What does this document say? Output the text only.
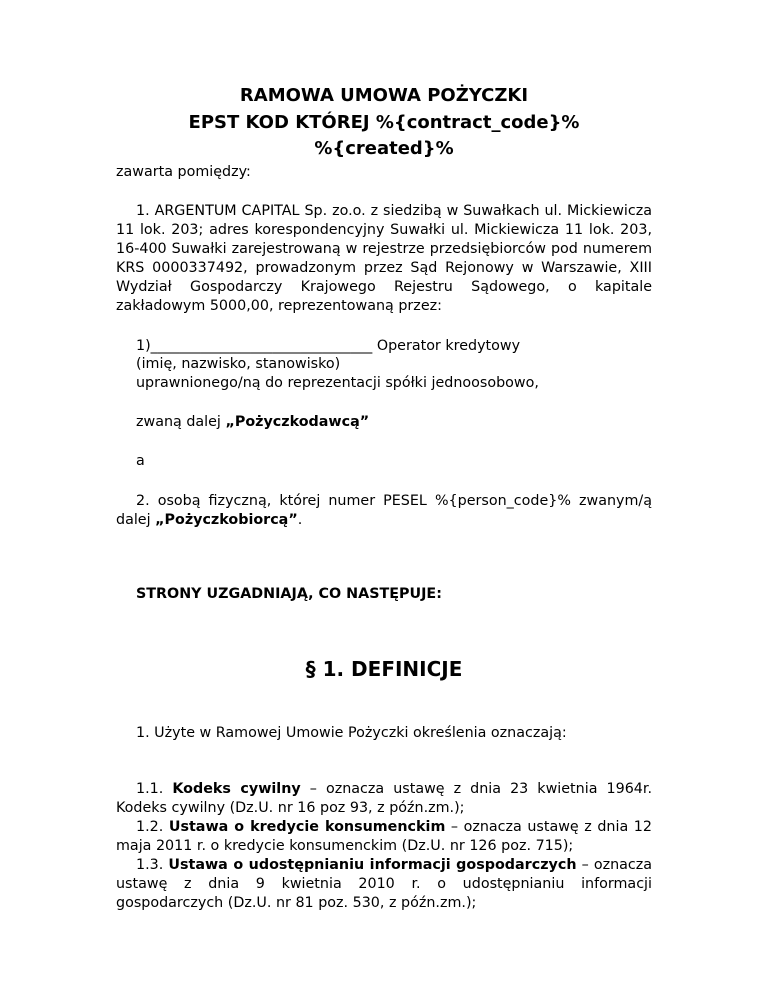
RAMOWA UMOWA POŻYCZKI
EPST KOD KTÓREJ %{contract_code}%
%{created}%
zawarta pomiędzy:
1. ARGENTUM CAPITAL Sp. zo.o. z siedzibą w Suwałkach ul. Mickiewicza 11 lok. 203; adres korespondencyjny Suwałki ul. Mickiewicza 11 lok. 203, 16-400 Suwałki zarejestrowaną w rejestrze przedsiębiorców pod numerem KRS 0000337492, prowadzonym przez Sąd Rejonowy w Warszawie, XIII Wydział Gospodarczy Krajowego Rejestru Sądowego, o kapitale zakładowym 5000,00, reprezentowaną przez:
1)_______________________________ Operator kredytowy
(imię, nazwisko, stanowisko)
uprawnionego/ną do reprezentacji spółki jednoosobowo,
zwaną dalej „Pożyczkodawcą”
a
2. osobą fizyczną, której numer PESEL %{person_code}% zwanym/ą dalej „Pożyczkobiorcą”.
STRONY UZGADNIAJĄ, CO NASTĘPUJE:
§ 1. DEFINICJE
1. Użyte w Ramowej Umowie Pożyczki określenia oznaczają:
1.1. Kodeks cywilny – oznacza ustawę z dnia 23 kwietnia 1964r. Kodeks cywilny (Dz.U. nr 16 poz 93, z późn.zm.);
1.2. Ustawa o kredycie konsumenckim – oznacza ustawę z dnia 12 maja 2011 r. o kredycie konsumenckim (Dz.U. nr 126 poz. 715);
1.3. Ustawa o udostępnianiu informacji gospodarczych – oznacza ustawę z dnia 9 kwietnia 2010 r. o udostępnianiu informacji gospodarczych (Dz.U. nr 81 poz. 530, z późn.zm.);
